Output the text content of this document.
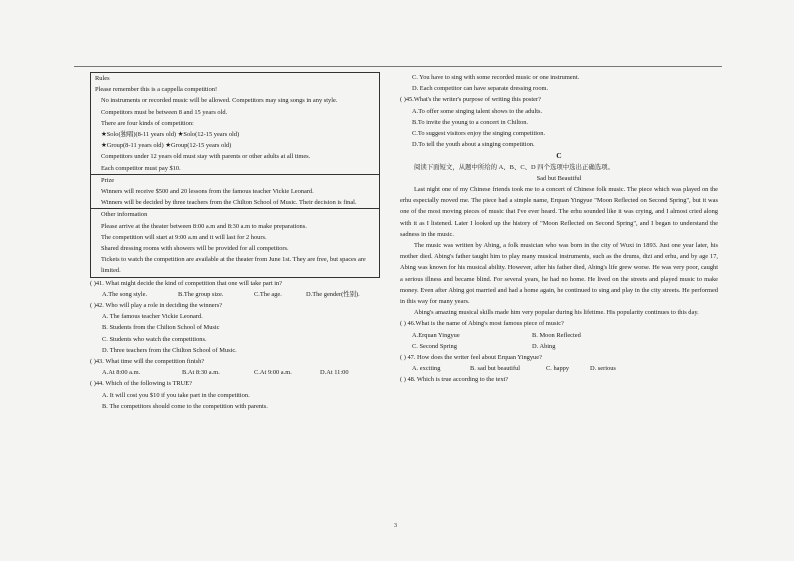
Rules
Please remember this is a cappella competition!
No instruments or recorded music will be allowed. Competitors may sing songs in any style.
Competitors must be between 8 and 15 years old.
There are four kinds of competition:
★Solo(独唱)(8-11 years old) ★Solo(12-15 years old)
★Group(8-11 years old) ★Group(12-15 years old)
Competitors under 12 years old must stay with parents or other adults at all times.
Each competitor must pay $10.
Prize
Winners will receive $500 and 20 lessons from the famous teacher Vickie Leonard.
Winners will be decided by three teachers from the Chilton School of Music. Their decision is final.
Other information
Please arrive at the theater between 8:00 a.m and 8:30 a.m to make preparations.
The competition will start at 9:00 a.m and it will last for 2 hours.
Shared dressing rooms with showers will be provided for all competitors.
Tickets to watch the competition are available at the theater from June 1st. They are free, but spaces are limited.
( )41. What might decide the kind of competition that one will take part in?
A.The song style.	B.The group size.	C.The age.	D.The gender(性别).
( )42. Who will play a role in deciding the winners?
A. The famous teacher Vickie Leonard.
B. Students from the Chilton School of Music
C. Students who watch the competitions.
D. Three teachers from the Chilton School of Music.
( )43. What time will the competition finish?
A.At 8:00 a.m.	B.At 8:30 a.m.	C.At 9:00 a.m.	D.At 11:00
( )44. Which of the following is TRUE?
A. It will cost you $10 if you take part in the competition.
B. The competitors should come to the competition with parents.
C. You have to sing with some recorded music or one instrument.
D. Each competitor can have separate dressing room.
( )45.What's the writer's purpose of writing this poster?
A.To offer some singing talent shows to the adults.
B.To invite the young to a concert in Chilton.
C.To suggest visitors enjoy the singing competition.
D.To tell the youth about a singing competition.
C
阅读下面短文，从题中所给的 A、B、C、D 四个选项中选出正确选项。
Sad but Beautiful
Last night one of my Chinese friends took me to a concert of Chinese folk music. The piece which was played on the erhu especially moved me. The piece had a simple name, Erquan Yingyue "Moon Reflected on Second Spring", but it was one of the most moving pieces of music that I've ever heard. The erhu sounded like it was crying, and I almost cried along with it as I listened. Later I looked up the history of "Moon Reflected on Second Spring", and I began to understand the sadness in the music.
The music was written by Abing, a folk musician who was born in the city of Wuxi in 1893. Just one year later, his mother died. Abing's father taught him to play many musical instruments, such as the drums, dizi and erhu, and by age 17, Abing was known for his musical ability. However, after his father died, Abing's life grew worse. He was very poor, caught a serious illness and became blind. For several years, he had no home. He lived on the streets and played music to make money. Even after Abing got married and had a home again, he continued to sing and play in the city streets. He performed in this way for many years.
Abing's amazing musical skills made him very popular during his lifetime. His popularity continues to this day.
( ) 46.What is the name of Abing's most famous piece of music?
A.Erquan Yingyue	B. Moon Reflected
C. Second Spring	D. Abing
( ) 47. How does the writer feel about Erquan Yingyue?
A. exciting	B. sad but beautiful	C. happy	D. serious
( ) 48. Which is true according to the text?
3
